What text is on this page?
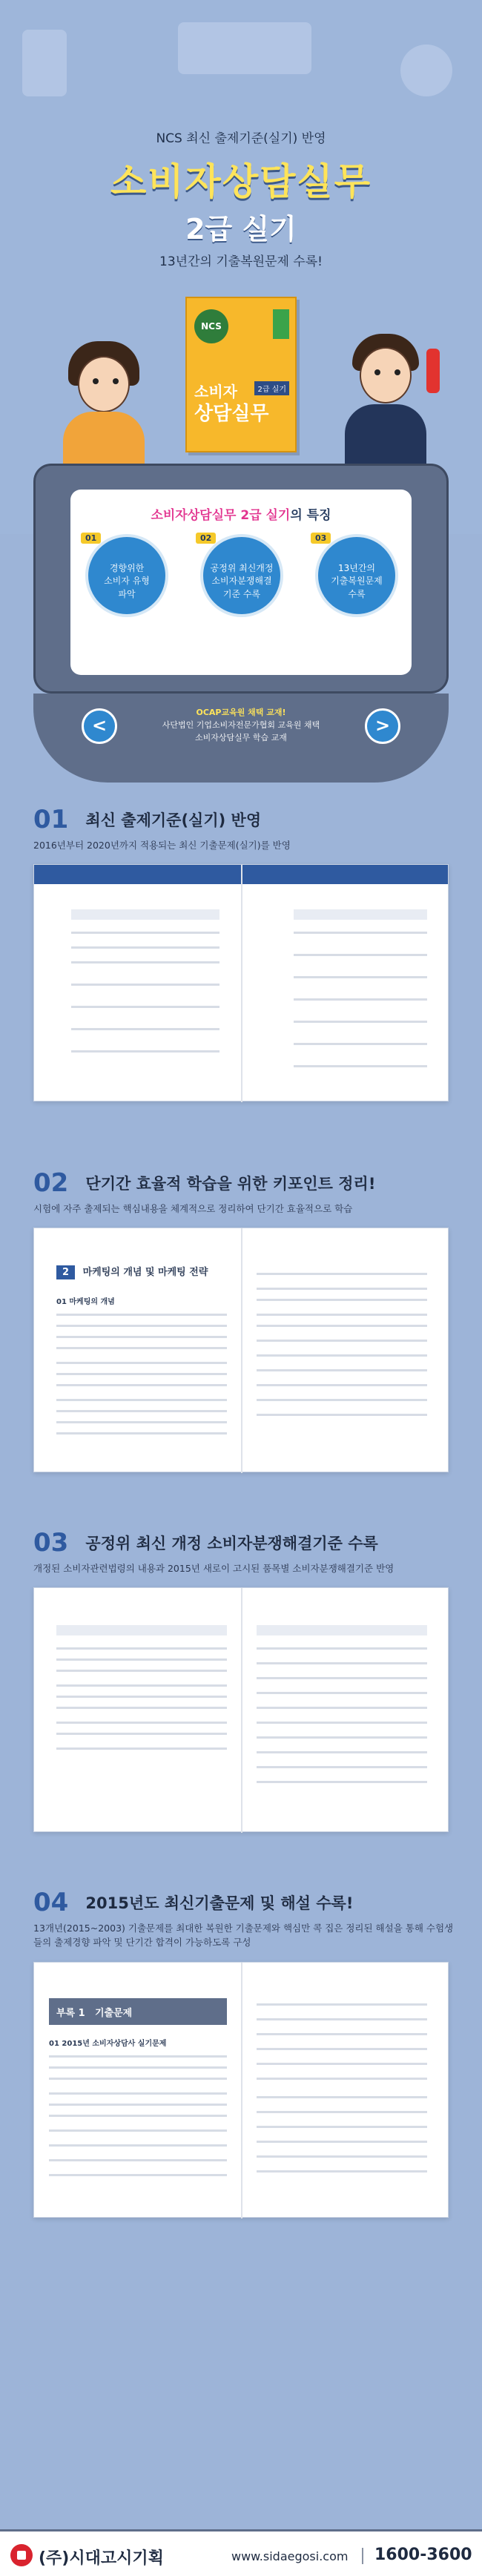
NCS 최신 출제기준(실기) 반영
소비자상담실무
2급 실기
13년간의 기출복원문제 수록!
NCS
소비자
상담실무
2급 실기
소비자상담실무 2급 실기의 특징
01
경향위한
소비자 유형
파악
02
공정위 최신개정
소비자분쟁해결
기준 수록
03
13년간의
기출복원문제
수록
OCAP교육원 채택 교재!
사단법인 기업소비자전문가협회 교육원 채택
소비자상담실무 학습 교재
<	>
01 최신 출제기준(실기) 반영
2016년부터 2020년까지 적용되는 최신 기출문제(실기)를 반영
02 단기간 효율적 학습을 위한 키포인트 정리!
시험에 자주 출제되는 핵심내용을 체계적으로 정리하여 단기간 효율적으로 학습
2 마케팅의 개념 및 마케팅 전략
01 마케팅의 개념
03 공정위 최신 개정 소비자분쟁해결기준 수록
개정된 소비자관련법령의 내용과 2015년 새로이 고시된 품목별 소비자분쟁해결기준 반영
04 2015년도 최신기출문제 및 해설 수록!
13개년(2015~2003) 기출문제를 최대한 복원한 기출문제와 핵심만 콕 집은 정리된 해설을 통해 수험생들의 출제경향 파악 및 단기간 합격이 가능하도록 구성
부록 1 기출문제
01 2015년 소비자상담사 실기문제
(주)시대고시기획	www.sidaegosi.com 1600-3600
